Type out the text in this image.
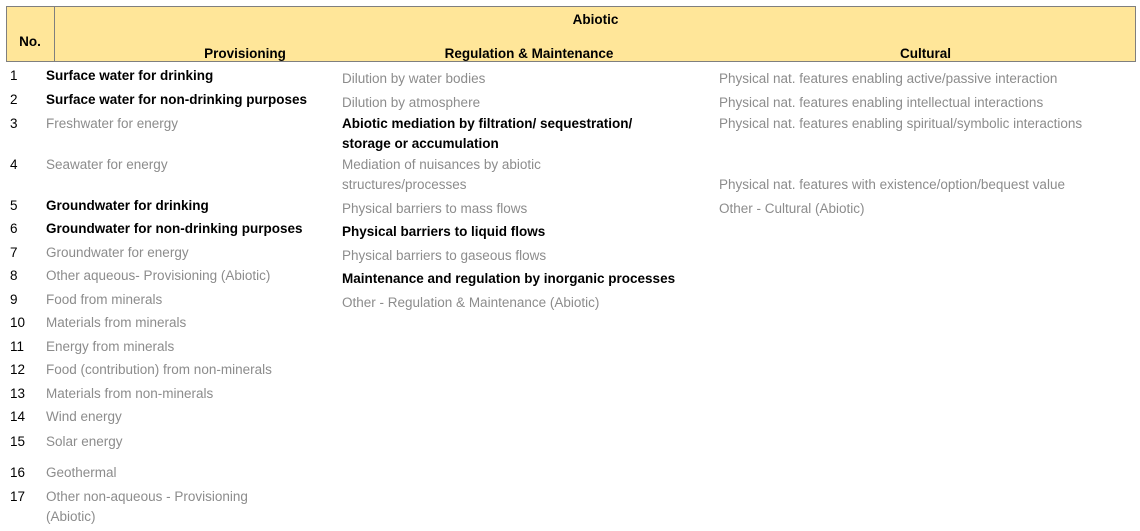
No.
Abiotic
Provisioning	Regulation & Maintenance	Cultural
1
2
3
4
5
6
7
8
9
10
11
12
13
14
15
16
17
Surface water for drinking
Surface water for non-drinking purposes
Freshwater for energy
Seawater for energy
Groundwater for drinking
Groundwater for non-drinking purposes
Groundwater for energy
Other aqueous- Provisioning (Abiotic)
Food from minerals
Materials from minerals
Energy from minerals
Food (contribution) from non-minerals
Materials from non-minerals
Wind energy
Solar energy
Geothermal
Other non-aqueous - Provisioning (Abiotic)
Dilution by water bodies
Dilution by atmosphere
Abiotic mediation by filtration/ sequestration/ storage or accumulation
Mediation of nuisances by abiotic structures/processes
Physical barriers to mass flows
Physical barriers to liquid flows
Physical barriers to gaseous flows
Maintenance and regulation by inorganic processes
Other - Regulation & Maintenance (Abiotic)
Physical nat. features enabling active/passive interaction
Physical nat. features enabling intellectual interactions
Physical nat. features enabling spiritual/symbolic interactions
Physical nat. features with existence/option/bequest value
Other - Cultural (Abiotic)
